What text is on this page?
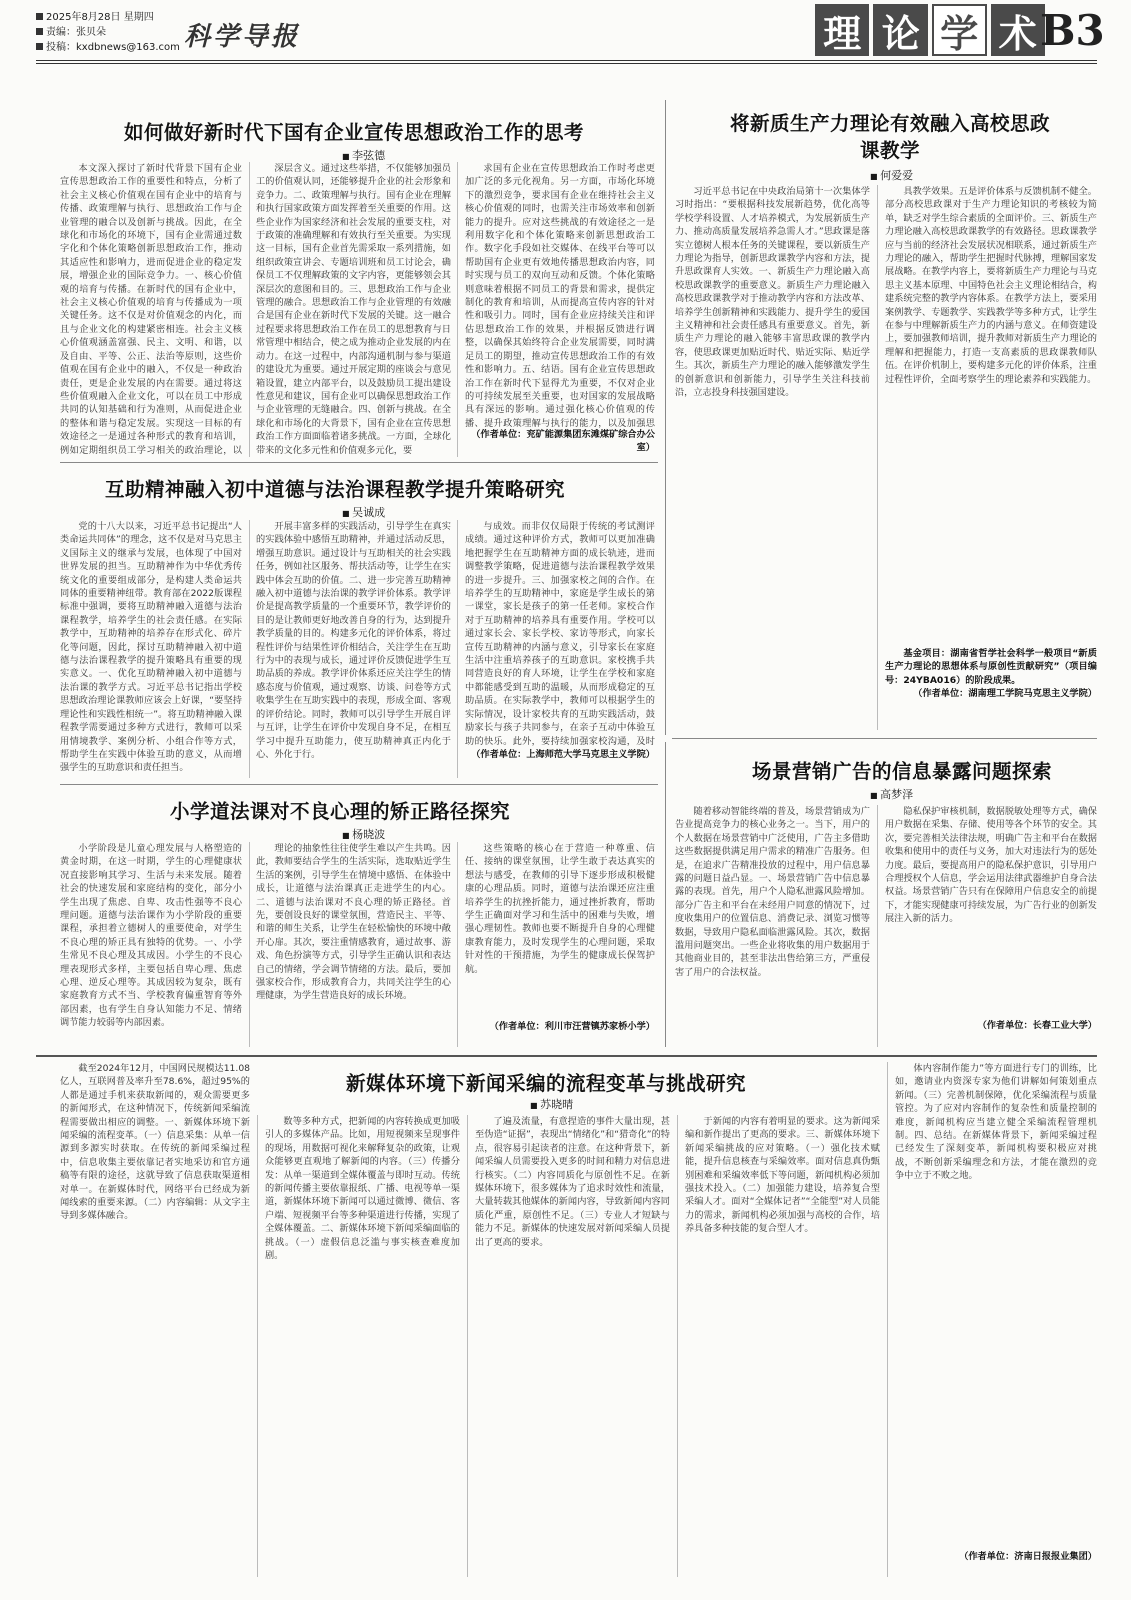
2025年8月28日 星期四
责编：张贝朵
投稿：kxdbnews@163.com 科学导报	理 论 学 术 B3
如何做好新时代下国有企业宣传思想政治工作的思考
■ 李弦德

本文深入探讨了新时代背景下国有企业宣传思想政治工作的重要性和特点，分析了社会主义核心价值观在国有企业中的培育与传播、政策理解与执行、思想政治工作与企业管理的融合以及创新与挑战。因此，在全球化和市场化的环境下，国有企业需通过数字化和个体化策略创新思想政治工作，推动其适应性和影响力，进而促进企业的稳定发展，增强企业的国际竞争力。一、核心价值观的培育与传播。在新时代的国有企业中，社会主义核心价值观的培育与传播成为一项关键任务。这不仅是对价值观念的内化，而且与企业文化的构建紧密相连。社会主义核心价值观涵盖富强、民主、文明、和谐，以及自由、平等、公正、法治等原则，这些价值观在国有企业中的融入，不仅是一种政治责任，更是企业发展的内在需要。通过将这些价值观融入企业文化，可以在员工中形成共同的认知基础和行为准则，从而促进企业的整体和谐与稳定发展。实现这一目标的有效途径之一是通过各种形式的教育和培训，例如定期组织员工学习相关的政治理论，以

深层含义。通过这些举措，不仅能够加强员工的价值观认同，还能够提升企业的社会形象和竞争力。二、政策理解与执行。国有企业在理解和执行国家政策方面发挥着至关重要的作用。这些企业作为国家经济和社会发展的重要支柱，对于政策的准确理解和有效执行至关重要。为实现这一目标，国有企业首先需采取一系列措施，如组织政策宣讲会、专题培训班和员工讨论会，确保员工不仅理解政策的文字内容，更能够领会其深层次的意图和目的。三、思想政治工作与企业管理的融合。思想政治工作与企业管理的有效融合是国有企业在新时代下发展的关键。这一融合过程要求将思想政治工作在员工的思想教育与日常管理中相结合，使之成为推动企业发展的内在动力。在这一过程中，内部沟通机制与参与渠道的建设尤为重要。通过开展定期的座谈会与意见箱设置，建立内部平台，以及鼓励员工提出建设性意见和建议，国有企业可以确保思想政治工作与企业管理的无缝融合。四、创新与挑战。在全球化和市场化的大背景下，国有企业在宣传思想政治工作方面面临着诸多挑战。一方面，全球化带来的文化多元性和价值观多元化，要

求国有企业在宣传思想政治工作时考虑更加广泛的多元化视角。另一方面，市场化环境下的激烈竞争，要求国有企业在维持社会主义核心价值观的同时，也需关注市场效率和创新能力的提升。应对这些挑战的有效途径之一是利用数字化和个体化策略来创新思想政治工作。数字化手段如社交媒体、在线平台等可以帮助国有企业更有效地传播思想政治内容，同时实现与员工的双向互动和反馈。个体化策略则意味着根据不同员工的背景和需求，提供定制化的教育和培训，从而提高宣传内容的针对性和吸引力。同时，国有企业应持续关注和评估思想政治工作的效果，并根据反馈进行调整，以确保其始终符合企业发展需要，同时满足员工的期望，推动宣传思想政治工作的有效性和影响力。五、结语。国有企业宣传思想政治工作在新时代下显得尤为重要，不仅对企业的可持续发展至关重要，也对国家的发展战略具有深远的影响。通过强化核心价值观的传播、提升政策理解与执行的能力，以及加强思

（作者单位：兖矿能源集团东滩煤矿综合办公室）

互助精神融入初中道德与法治课程教学提升策略研究
■ 吴诚成

党的十八大以来，习近平总书记提出“人类命运共同体”的理念，这不仅是对马克思主义国际主义的继承与发展，也体现了中国对世界发展的担当。互助精神作为中华优秀传统文化的重要组成部分，是构建人类命运共同体的重要精神纽带。教育部在2022版课程标准中强调，要将互助精神融入道德与法治课程教学，培养学生的社会责任感。在实际教学中，互助精神的培养存在形式化、碎片化等问题，因此，探讨互助精神融入初中道德与法治课程教学的提升策略具有重要的现实意义。一、优化互助精神融入初中道德与法治课的教学方式。习近平总书记指出学校思想政治理论课教师应该会上好课，“要坚持理论性和实践性相统一”。将互助精神融入课程教学需要通过多种方式进行，教师可以采用情境教学、案例分析、小组合作等方式，帮助学生在实践中体验互助的意义，从而增强学生的互助意识和责任担当。

开展丰富多样的实践活动，引导学生在真实的实践体验中感悟互助精神，并通过活动反思，增强互助意识。通过设计与互助相关的社会实践任务，例如社区服务、帮扶活动等，让学生在实践中体会互助的价值。二、进一步完善互助精神融入初中道德与法治课的教学评价体系。教学评价是提高教学质量的一个重要环节，教学评价的目的是让教师更好地改善自身的行为，达到提升教学质量的目的。构建多元化的评价体系，将过程性评价与结果性评价相结合，关注学生在互助行为中的表现与成长，通过评价反馈促进学生互助品质的养成。教学评价体系还应关注学生的情感态度与价值观，通过观察、访谈、问卷等方式收集学生在互助实践中的表现，形成全面、客观的评价结论。同时，教师可以引导学生开展自评与互评，让学生在评价中发现自身不足，在相互学习中提升互助能力，使互助精神真正内化于心、外化于行。

与成效。而非仅仅局限于传统的考试测评成绩。通过这种评价方式，教师可以更加准确地把握学生在互助精神方面的成长轨迹，进而调整教学策略，促进道德与法治课程教学效果的进一步提升。三、加强家校之间的合作。在培养学生的互助精神中，家庭是学生成长的第一课堂，家长是孩子的第一任老师。家校合作对于互助精神的培养具有重要作用。学校可以通过家长会、家长学校、家访等形式，向家长宣传互助精神的内涵与意义，引导家长在家庭生活中注重培养孩子的互助意识。家校携手共同营造良好的育人环境，让学生在学校和家庭中都能感受到互助的温暖，从而形成稳定的互助品质。在实际教学中，教师可以根据学生的实际情况，设计家校共育的互助实践活动，鼓励家长与孩子共同参与，在亲子互动中体验互助的快乐。此外，要持续加强家校沟通，及时

（作者单位：上海师范大学马克思主义学院）

小学道法课对不良心理的矫正路径探究
■ 杨晓波

小学阶段是儿童心理发展与人格塑造的黄金时期，在这一时期，学生的心理健康状况直接影响其学习、生活与未来发展。随着社会的快速发展和家庭结构的变化，部分小学生出现了焦虑、自卑、攻击性强等不良心理问题。道德与法治课作为小学阶段的重要课程，承担着立德树人的重要使命，对学生不良心理的矫正具有独特的优势。一、小学生常见不良心理及其成因。小学生的不良心理表现形式多样，主要包括自卑心理、焦虑心理、逆反心理等。其成因较为复杂，既有家庭教育方式不当、学校教育偏重智育等外部因素，也有学生自身认知能力不足、情绪调节能力较弱等内部因素。

理论的抽象性往往使学生难以产生共鸣。因此，教师要结合学生的生活实际，选取贴近学生生活的案例，引导学生在情境中感悟、在体验中成长，让道德与法治课真正走进学生的内心。二、道德与法治课对不良心理的矫正路径。首先，要创设良好的课堂氛围，营造民主、平等、和谐的师生关系，让学生在轻松愉快的环境中敞开心扉。其次，要注重情感教育，通过故事、游戏、角色扮演等方式，引导学生正确认识和表达自己的情绪，学会调节情绪的方法。最后，要加强家校合作，形成教育合力，共同关注学生的心理健康，为学生营造良好的成长环境。

这些策略的核心在于营造一种尊重、信任、接纳的课堂氛围，让学生敢于表达真实的想法与感受，在教师的引导下逐步形成积极健康的心理品质。同时，道德与法治课还应注重培养学生的抗挫折能力，通过挫折教育，帮助学生正确面对学习和生活中的困难与失败，增强心理韧性。教师也要不断提升自身的心理健康教育能力，及时发现学生的心理问题，采取针对性的干预措施，为学生的健康成长保驾护航。

（作者单位：利川市汪营镇苏家桥小学）

将新质生产力理论有效融入高校思政课教学
■ 何爱爱

习近平总书记在中央政治局第十一次集体学习时指出：“要根据科技发展新趋势，优化高等学校学科设置、人才培养模式，为发展新质生产力、推动高质量发展培养急需人才。”思政课是落实立德树人根本任务的关键课程，要以新质生产力理论为指导，创新思政课教学内容和方法，提升思政课育人实效。一、新质生产力理论融入高校思政课教学的重要意义。新质生产力理论融入高校思政课教学对于推动教学内容和方法改革、培养学生创新精神和实践能力、提升学生的爱国主义精神和社会责任感具有重要意义。首先，新质生产力理论的融入能够丰富思政课的教学内容，使思政课更加贴近时代、贴近实际、贴近学生。其次，新质生产力理论的融入能够激发学生的创新意识和创新能力，引导学生关注科技前沿，立志投身科技强国建设。

具教学效果。五是评价体系与反馈机制不健全。部分高校思政课对于生产力理论知识的考核较为简单，缺乏对学生综合素质的全面评价。三、新质生产力理论融入高校思政课教学的有效路径。思政课教学应与当前的经济社会发展状况相联系，通过新质生产力理论的融入，帮助学生把握时代脉搏，理解国家发展战略。在教学内容上，要将新质生产力理论与马克思主义基本原理、中国特色社会主义理论相结合，构建系统完整的教学内容体系。在教学方法上，要采用案例教学、专题教学、实践教学等多种方式，让学生在参与中理解新质生产力的内涵与意义。在师资建设上，要加强教师培训，提升教师对新质生产力理论的理解和把握能力，打造一支高素质的思政课教师队伍。在评价机制上，要构建多元化的评价体系，注重过程性评价，全面考察学生的理论素养和实践能力。

基金项目：湖南省哲学社会科学一般项目“新质生产力理论的思想体系与原创性贡献研究”（项目编号：24YBA016）的阶段成果。

（作者单位：湖南理工学院马克思主义学院）

场景营销广告的信息暴露问题探索
■ 高梦泽

随着移动智能终端的普及，场景营销成为广告业提高竞争力的核心业务之一。当下，用户的个人数据在场景营销中广泛使用，广告主多借助这些数据提供满足用户需求的精准广告服务。但是，在追求广告精准投放的过程中，用户信息暴露的问题日益凸显。一、场景营销广告中信息暴露的表现。首先，用户个人隐私泄露风险增加。部分广告主和平台在未经用户同意的情况下，过度收集用户的位置信息、消费记录、浏览习惯等数据，导致用户隐私面临泄露风险。其次，数据滥用问题突出。一些企业将收集的用户数据用于其他商业目的，甚至非法出售给第三方，严重侵害了用户的合法权益。

隐私保护审核机制，数据脱敏处理等方式，确保用户数据在采集、存储、使用等各个环节的安全。其次，要完善相关法律法规，明确广告主和平台在数据收集和使用中的责任与义务，加大对违法行为的惩处力度。最后，要提高用户的隐私保护意识，引导用户合理授权个人信息，学会运用法律武器维护自身合法权益。场景营销广告只有在保障用户信息安全的前提下，才能实现健康可持续发展，为广告行业的创新发展注入新的活力。

（作者单位：长春工业大学）

新媒体环境下新闻采编的流程变革与挑战研究
■ 苏晓晴

截至2024年12月，中国网民规模达11.08亿人，互联网普及率升至78.6%，超过95%的人都是通过手机来获取新闻的，观众需要更多的新闻形式，在这种情况下，传统新闻采编流程需要做出相应的调整。一、新媒体环境下新闻采编的流程变革。（一）信息采集：从单一信源到多源实时获取。在传统的新闻采编过程中，信息收集主要依靠记者实地采访和官方通稿等有限的途径，这就导致了信息获取渠道相对单一。在新媒体时代，网络平台已经成为新闻线索的重要来源。（二）内容编辑：从文字主导到多媒体融合。

数等多种方式，把新闻的内容转换成更加吸引人的多媒体产品。比如，用短视频来呈现事件的现场，用数据可视化来解释复杂的政策，让观众能够更直观地了解新闻的内容。（三）传播分发：从单一渠道到全媒体覆盖与即时互动。传统的新闻传播主要依靠报纸、广播、电视等单一渠道，新媒体环境下新闻可以通过微博、微信、客户端、短视频平台等多种渠道进行传播，实现了全媒体覆盖。二、新媒体环境下新闻采编面临的挑战。（一）虚假信息泛滥与事实核查难度加剧。

了遍及流量，有意捏造的事件大量出现，甚至伪造“证据”，表现出“情绪化”和“猎奇化”的特点，很容易引起读者的注意。在这种背景下，新闻采编人员需要投入更多的时间和精力对信息进行核实。（二）内容同质化与原创性不足。在新媒体环境下，很多媒体为了追求时效性和流量，大量转载其他媒体的新闻内容，导致新闻内容同质化严重，原创性不足。（三）专业人才短缺与能力不足。新媒体的快速发展对新闻采编人员提出了更高的要求。

于新闻的内容有着明显的要求。这为新闻采编和新作提出了更高的要求。三、新媒体环境下新闻采编挑战的应对策略。（一）强化技术赋能，提升信息核查与采编效率。面对信息真伪甄别困难和采编效率低下等问题，新闻机构必须加强技术投入。（二）加强能力建设，培养复合型采编人才。面对“全媒体记者”“全能型”对人员能力的需求，新闻机构必须加强与高校的合作，培养具备多种技能的复合型人才。

体内容制作能力”等方面进行专门的训练，比如，邀请业内资深专家为他们讲解如何策划重点新闻。（三）完善机制保障，优化采编流程与质量管控。为了应对内容制作的复杂性和质量控制的难度，新闻机构应当建立健全采编流程管理机制。四、总结。在新媒体背景下，新闻采编过程已经发生了深刻变革，新闻机构要积极应对挑战，不断创新采编理念和方法，才能在激烈的竞争中立于不败之地。

（作者单位：济南日报报业集团）
